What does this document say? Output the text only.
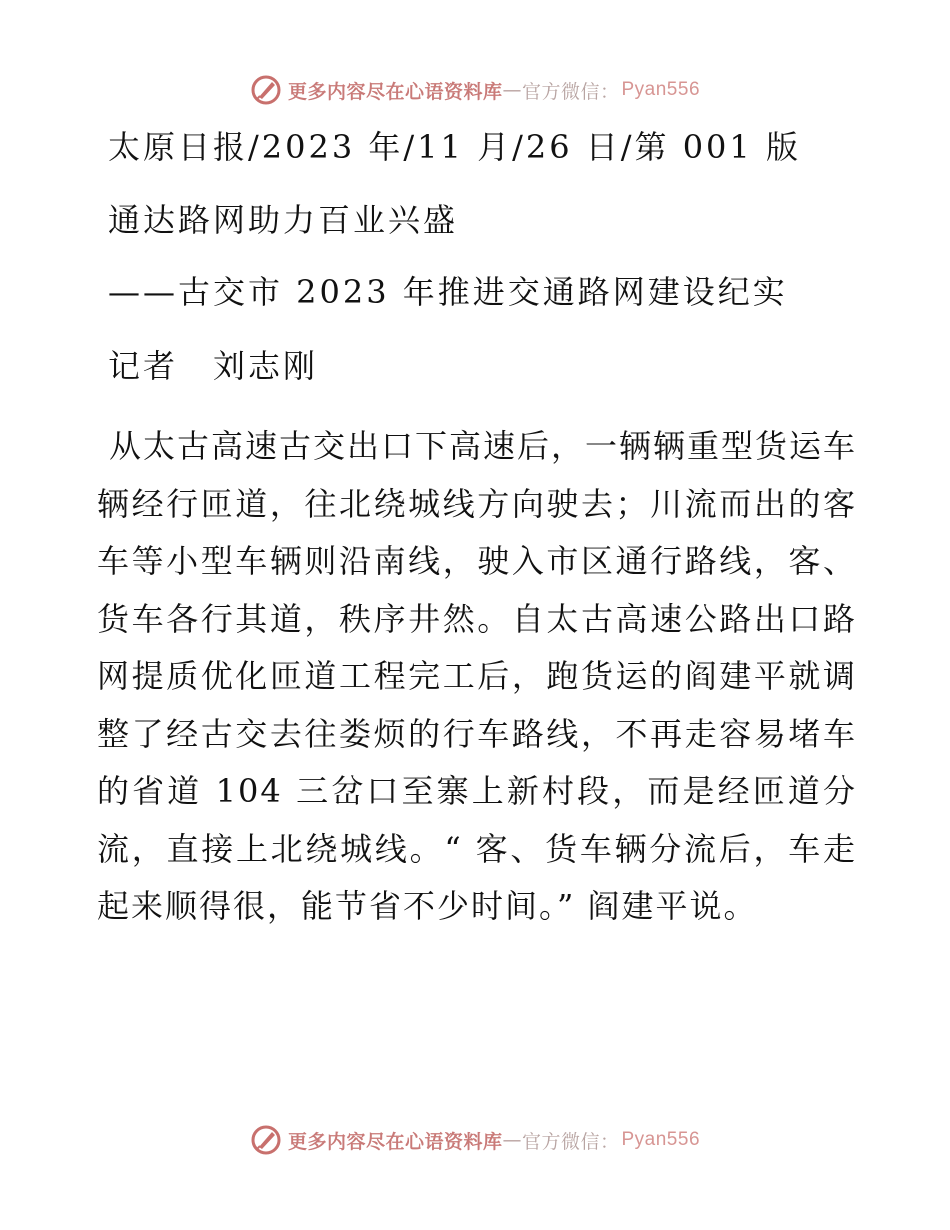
更多内容尽在心语资料库 — 官方微信： Pyan556
太原日报/2023 年/11 月/26 日/第 001 版
通达路网助力百业兴盛
——古交市 2023 年推进交通路网建设纪实
记者　刘志刚

从太古高速古交出口下高速后，一辆辆重型货运车辆经行匝道，往北绕城线方向驶去；川流而出的客车等小型车辆则沿南线，驶入市区通行路线，客、货车各行其道，秩序井然。自太古高速公路出口路网提质优化匝道工程完工后，跑货运的阎建平就调整了经古交去往娄烦的行车路线，不再走容易堵车的省道 104 三岔口至寨上新村段，而是经匝道分流，直接上北绕城线。“ 客、货车辆分流后，车走起来顺得很，能节省不少时间。” 阎建平说。

更多内容尽在心语资料库 — 官方微信： Pyan556
